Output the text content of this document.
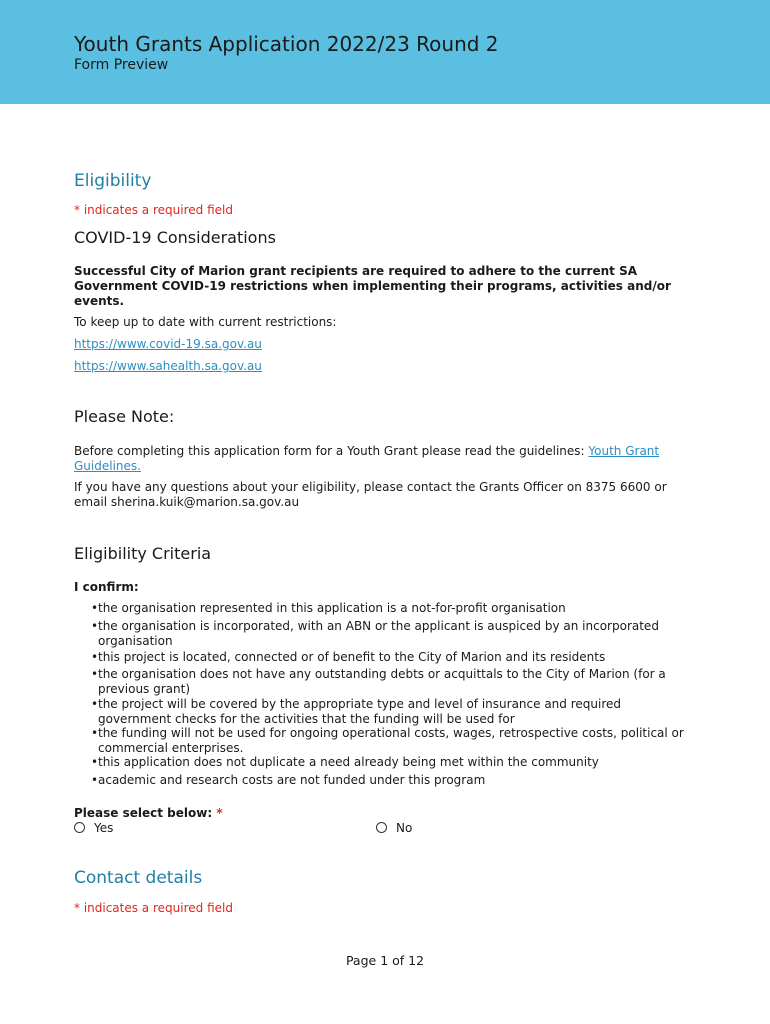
Youth Grants Application 2022/23 Round 2
Form Preview
Eligibility
* indicates a required field
COVID-19 Considerations
Successful City of Marion grant recipients are required to adhere to the current SA Government COVID-19 restrictions when implementing their programs, activities and/or events.
To keep up to date with current restrictions:
https://www.covid-19.sa.gov.au
https://www.sahealth.sa.gov.au
Please Note:
Before completing this application form for a Youth Grant please read the guidelines: Youth Grant Guidelines.
If you have any questions about your eligibility, please contact the Grants Officer on 8375 6600 or email sherina.kuik@marion.sa.gov.au
Eligibility Criteria
I confirm:
• the organisation represented in this application is a not-for-profit organisation
• the organisation is incorporated, with an ABN or the applicant is auspiced by an incorporated organisation
• this project is located, connected or of benefit to the City of Marion and its residents
• the organisation does not have any outstanding debts or acquittals to the City of Marion (for a previous grant)
• the project will be covered by the appropriate type and level of insurance and required government checks for the activities that the funding will be used for
• the funding will not be used for ongoing operational costs, wages, retrospective costs, political or commercial enterprises.
• this application does not duplicate a need already being met within the community
• academic and research costs are not funded under this program
Please select below: *
Yes	No
Contact details
* indicates a required field
Page 1 of 12
